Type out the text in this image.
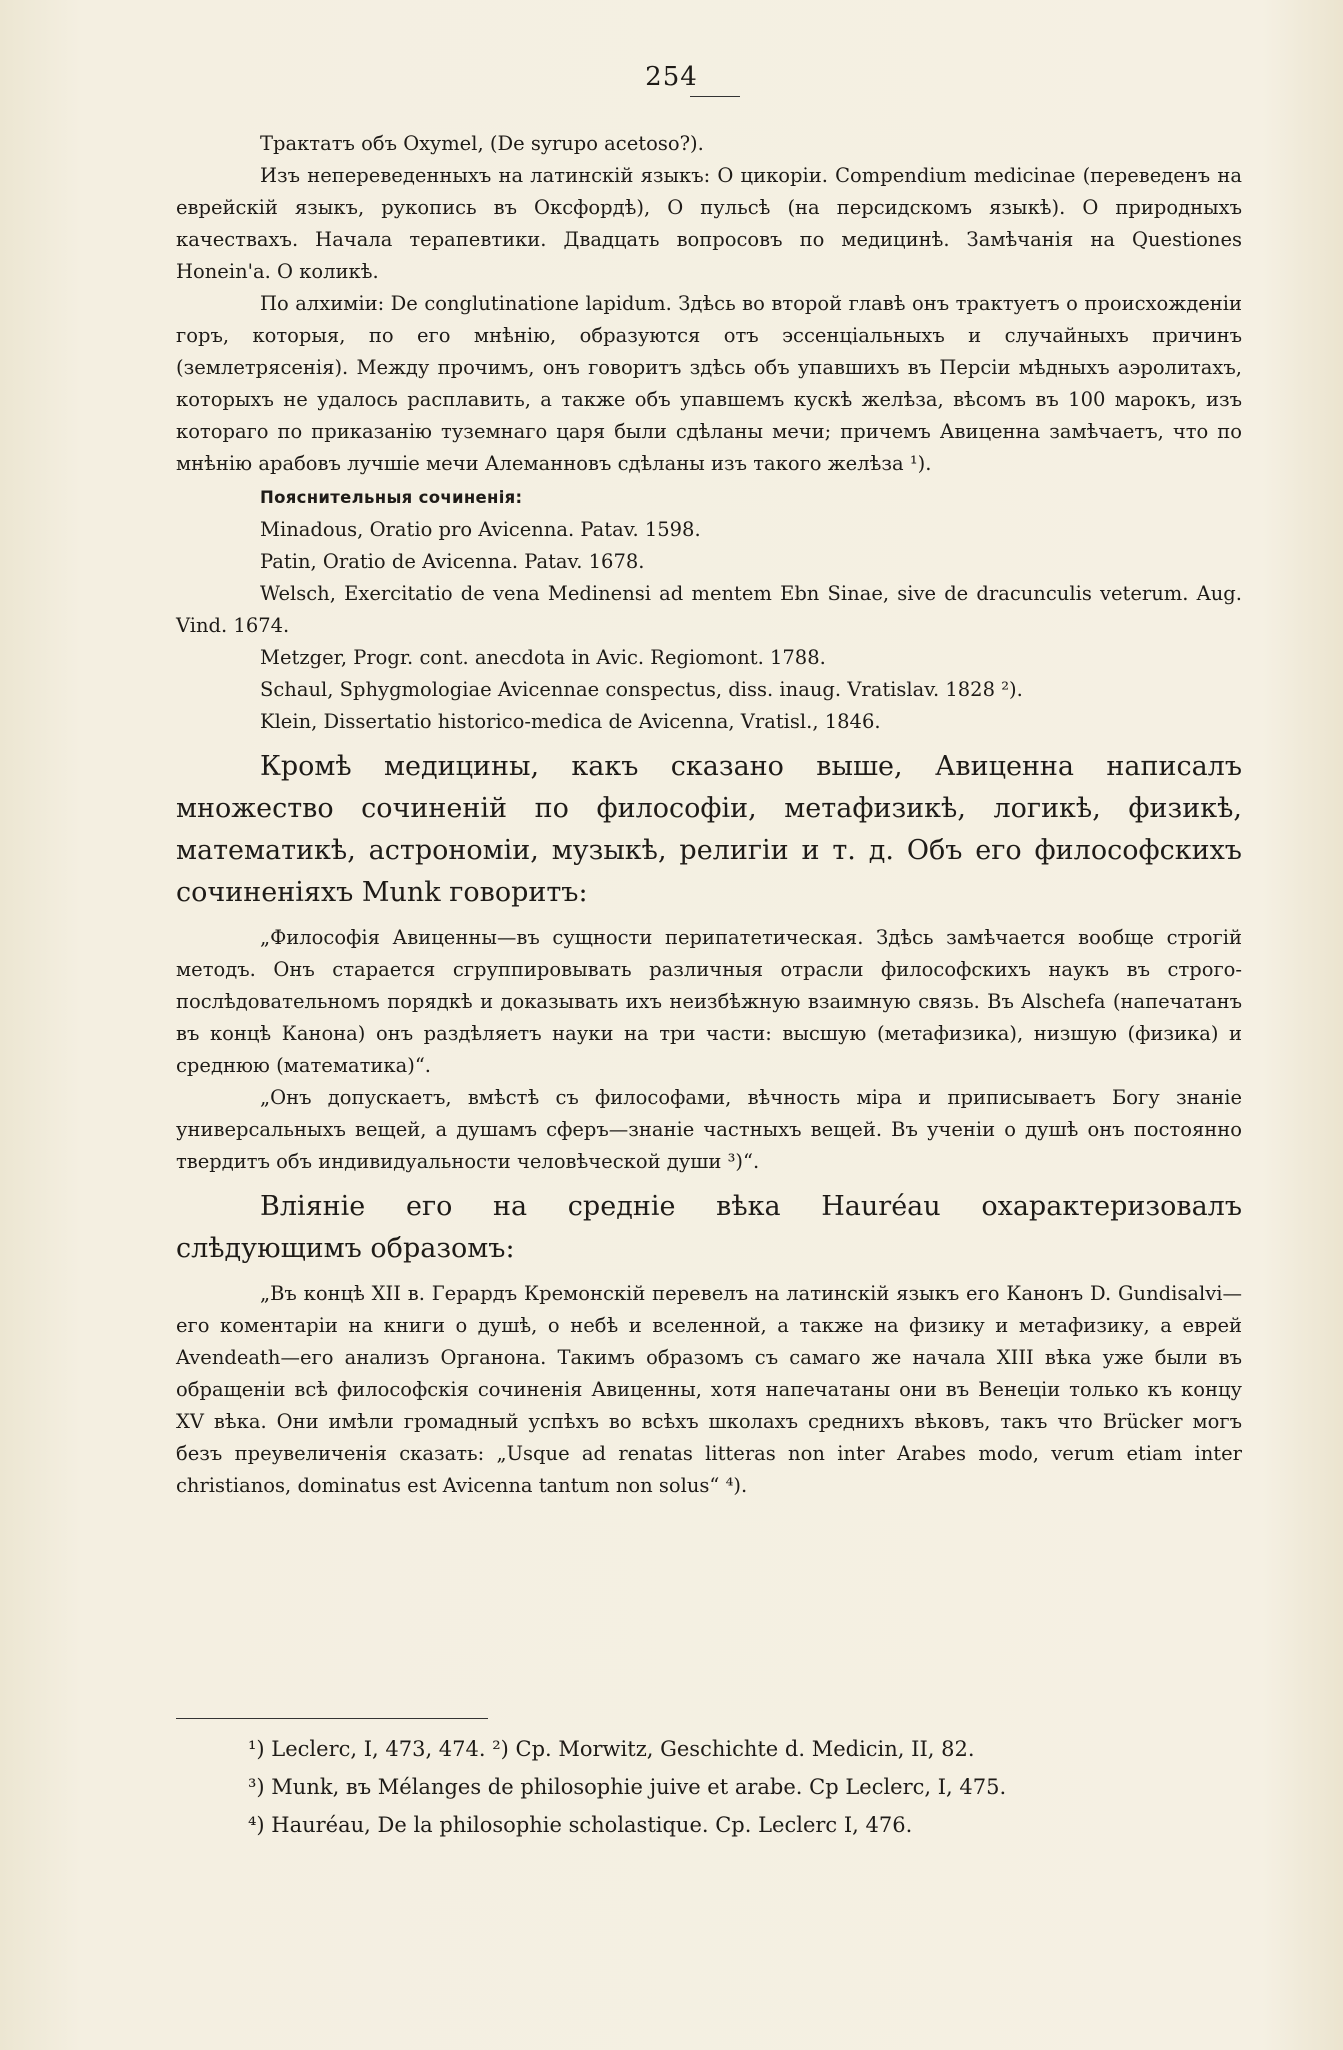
254

Трактатъ объ Oxymel, (De syrupo acetoso?).

Изъ непереведенныхъ на латинскій языкъ: О цикоріи. Compendium medicinae (переведенъ на еврейскій языкъ, рукопись въ Оксфордѣ), О пульсѣ (на персидскомъ языкѣ). О природныхъ качествахъ. Начала терапевтики. Двадцать вопросовъ по медицинѣ. Замѣчанія на Questiones Honein'a. О коликѣ.

По алхиміи: De conglutinatione lapidum. Здѣсь во второй главѣ онъ трактуетъ о происхожденіи горъ, которыя, по его мнѣнію, образуются отъ эссенціальныхъ и случайныхъ причинъ (землетрясенія). Между прочимъ, онъ говоритъ здѣсь объ упавшихъ въ Персіи мѣдныхъ аэролитахъ, которыхъ не удалось расплавить, а также объ упавшемъ кускѣ желѣза, вѣсомъ въ 100 марокъ, изъ котораго по приказанію туземнаго царя были сдѣланы мечи; причемъ Авиценна замѣчаетъ, что по мнѣнію арабовъ лучшіе мечи Алеманновъ сдѣланы изъ такого желѣза ¹).

Пояснительныя сочиненія:

Minadous, Oratio pro Avicenna. Patav. 1598.

Patin, Oratio de Avicenna. Patav. 1678.

Welsch, Exercitatio de vena Medinensi ad mentem Ebn Sinae, sive de dracunculis veterum. Aug. Vind. 1674.

Metzger, Progr. cont. anecdota in Avic. Regiomont. 1788.

Schaul, Sphygmologiae Avicennae conspectus, diss. inaug. Vratislav. 1828 ²).

Klein, Dissertatio historico-medica de Avicenna, Vratisl., 1846.

Кромѣ медицины, какъ сказано выше, Авиценна написалъ множество сочиненій по философіи, метафизикѣ, логикѣ, физикѣ, математикѣ, астрономіи, музыкѣ, религіи и т. д. Объ его философскихъ сочиненіяхъ Munk говоритъ:

„Философія Авиценны—въ сущности перипатетическая. Здѣсь замѣчается вообще строгій методъ. Онъ старается сгруппировывать различныя отрасли философскихъ наукъ въ строго-послѣдовательномъ порядкѣ и доказывать ихъ неизбѣжную взаимную связь. Въ Alschefa (напечатанъ въ концѣ Канона) онъ раздѣляетъ науки на три части: высшую (метафизика), низшую (физика) и среднюю (математика)“.

„Онъ допускаетъ, вмѣстѣ съ философами, вѣчность міра и приписываетъ Богу знаніе универсальныхъ вещей, а душамъ сферъ—знаніе частныхъ вещей. Въ ученіи о душѣ онъ постоянно твердитъ объ индивидуальности человѣческой души ³)“.

Вліяніе его на средніе вѣка Hauréau охарактеризовалъ слѣдующимъ образомъ:

„Въ концѣ XII в. Герардъ Кремонскій перевелъ на латинскій языкъ его Канонъ D. Gundisalvi—его коментаріи на книги о душѣ, о небѣ и вселенной, а также на физику и метафизику, а еврей Avendeath—его анализъ Органона. Такимъ образомъ съ самаго же начала XIII вѣка уже были въ обращеніи всѣ философскія сочиненія Авиценны, хотя напечатаны они въ Венеціи только къ концу XV вѣка. Они имѣли громадный успѣхъ во всѣхъ школахъ среднихъ вѣковъ, такъ что Brücker могъ безъ преувеличенія сказать: „Usque ad renatas litteras non inter Arabes modo, verum etiam inter christianos, dominatus est Avicenna tantum non solus“ ⁴).

¹) Leclerc, I, 473, 474. ²) Cp. Morwitz, Geschichte d. Medicin, II, 82.

³) Munk, въ Mélanges de philosophie juive et arabe. Cp Leclerc, I, 475.

⁴) Hauréau, De la philosophie scholastique. Cp. Leclerc I, 476.
